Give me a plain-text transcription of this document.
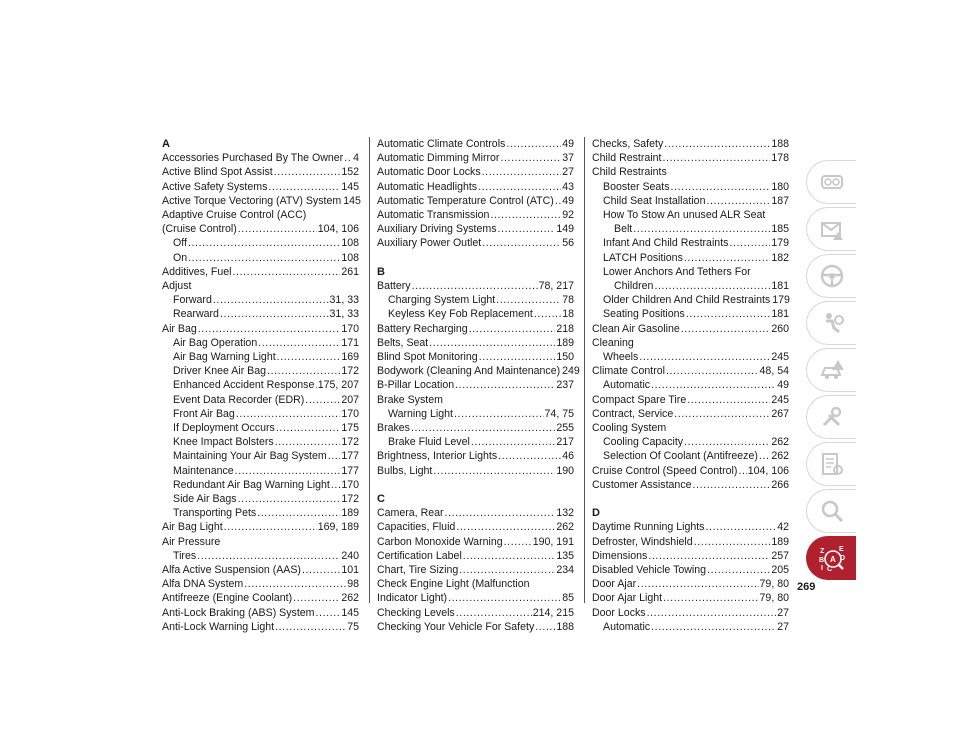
A
Accessories Purchased By The Owner ..... 4
Active Blind Spot Assist .....	152
Active Safety Systems .....	145
Active Torque Vectoring (ATV) System 145
Adaptive Cruise Control (ACC)
(Cruise Control) .....	104, 106
Off .....	108
On .....	108
Additives, Fuel .....	261
Adjust
Forward .....	31, 33
Rearward .....	31, 33
Air Bag .....	170
Air Bag Operation .....	171
Air Bag Warning Light .....	169
Driver Knee Air Bag .....	172
Enhanced Accident Response ..... 175, 207
Event Data Recorder (EDR) .....	207
Front Air Bag .....	170
If Deployment Occurs .....	175
Knee Impact Bolsters .....	172
Maintaining Your Air Bag System ..... 177
Maintenance .....	177
Redundant Air Bag Warning Light ..... 170
Side Air Bags .....	172
Transporting Pets .....	189
Air Bag Light .....	169, 189
Air Pressure
Tires .....	240
Alfa Active Suspension (AAS) .....	101
Alfa DNA System .....	98
Antifreeze (Engine Coolant) .....	262
Anti-Lock Braking (ABS) System .....	145
Anti-Lock Warning Light .....	75
Automatic Climate Controls .....	49
Automatic Dimming Mirror .....	37
Automatic Door Locks .....	27
Automatic Headlights .....	43
Automatic Temperature Control (ATC) ..... 49
Automatic Transmission .....	92
Auxiliary Driving Systems .....	149
Auxiliary Power Outlet .....	56
B
Battery .....	78, 217
Charging System Light .....	78
Keyless Key Fob Replacement .....	18
Battery Recharging .....	218
Belts, Seat .....	189
Blind Spot Monitoring .....	150
Bodywork (Cleaning And Maintenance) 249
B-Pillar Location .....	237
Brake System
Warning Light .....	74, 75
Brakes .....	255
Brake Fluid Level .....	217
Brightness, Interior Lights .....	46
Bulbs, Light .....	190
C
Camera, Rear .....	132
Capacities, Fluid .....	262
Carbon Monoxide Warning .....	190, 191
Certification Label .....	135
Chart, Tire Sizing .....	234
Check Engine Light (Malfunction
Indicator Light) .....	85
Checking Levels .....	214, 215
Checking Your Vehicle For Safety ..... 188
Checks, Safety .....	188
Child Restraint .....	178
Child Restraints
Booster Seats .....	180
Child Seat Installation .....	187
How To Stow An unused ALR Seat
Belt .....	185
Infant And Child Restraints .....	179
LATCH Positions .....	182
Lower Anchors And Tethers For
Children .....	181
Older Children And Child Restraints 179
Seating Positions .....	181
Clean Air Gasoline .....	260
Cleaning
Wheels .....	245
Climate Control .....	48, 54
Automatic .....	49
Compact Spare Tire .....	245
Contract, Service .....	267
Cooling System
Cooling Capacity .....	262
Selection Of Coolant (Antifreeze) ..... 262
Cruise Control (Speed Control) ..... 104, 106
Customer Assistance .....	266
D
Daytime Running Lights .....	42
Defroster, Windshield .....	189
Dimensions .....	257
Disabled Vehicle Towing .....	205
Door Ajar .....	79, 80
Door Ajar Light .....	79, 80
Door Locks .....	27
Automatic .....	27
269
Z E
B A
I C
D
